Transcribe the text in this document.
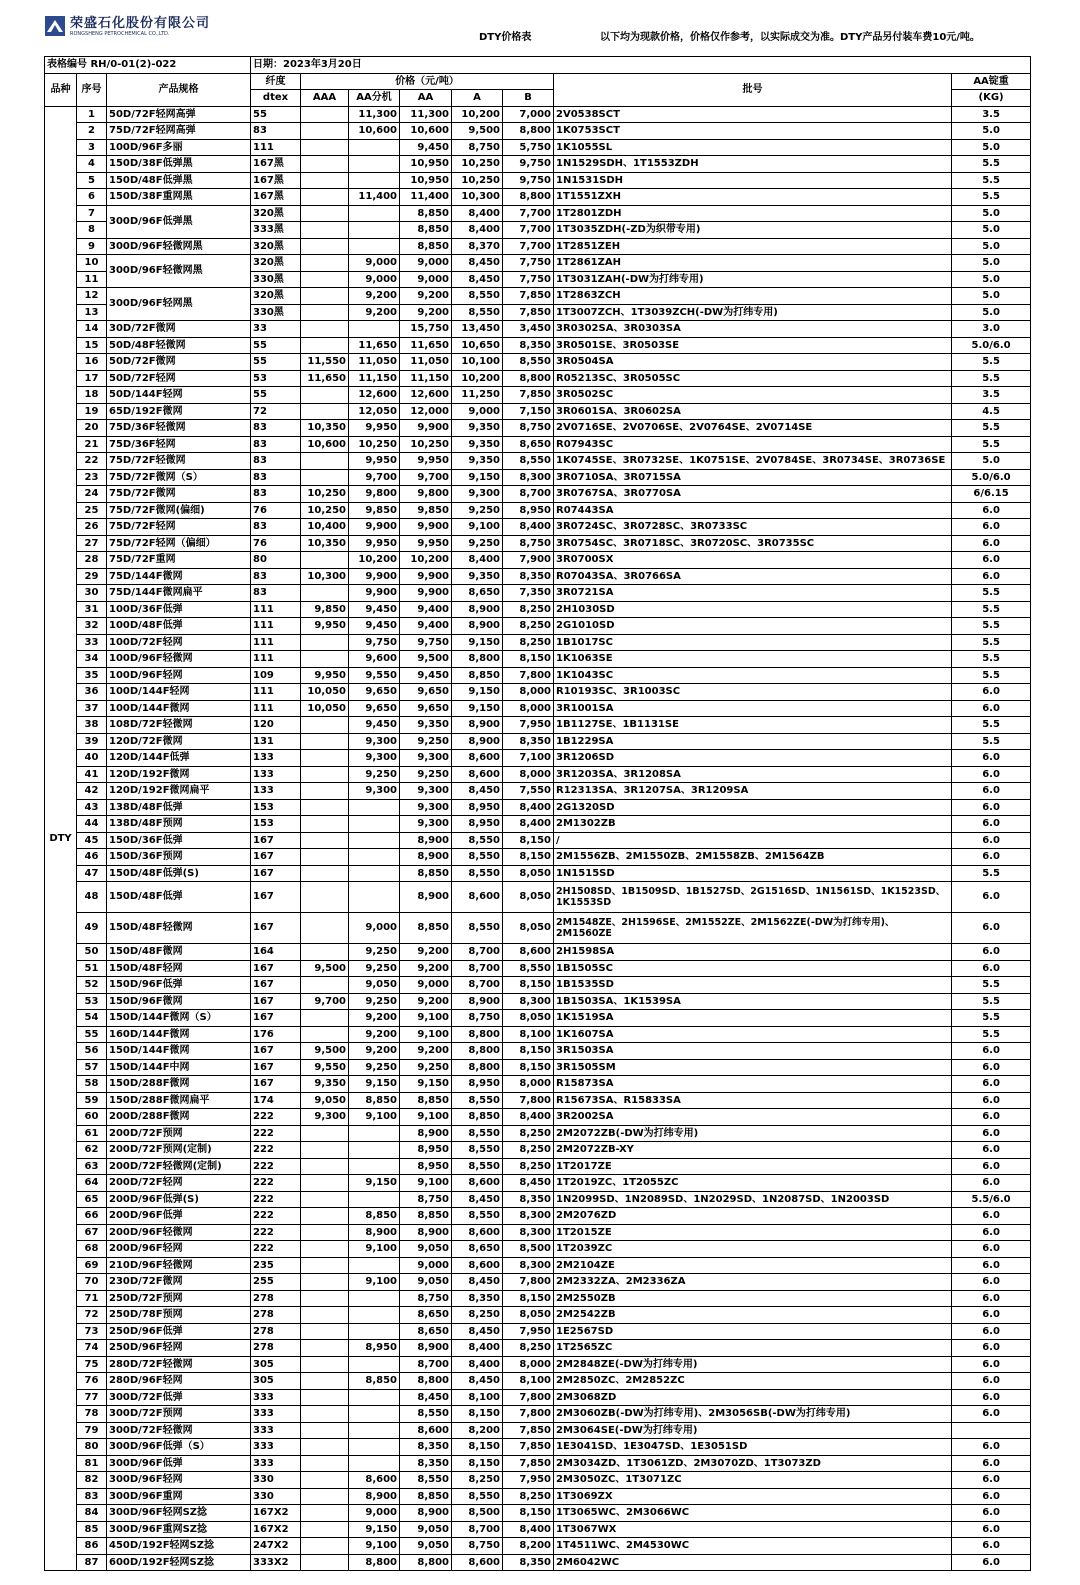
荣盛石化股份有限公司
RONGSHENG PETROCHEMICAL CO.,LTD.	DTY价格表	以下均为现款价格，价格仅作参考，以实际成交为准。DTY产品另付装车费10元/吨。
表格编号 RH/0-01(2)-022			日期：2023年3月20日							
品种	序号	产品规格	纤度	价格（元/吨）					批号	AA锭重
			dtex	AAA	AA分机	AA	A	B		(KG)
DTY	1	50D/72F轻网高弹	55		11,300	11,300	10,200	7,000	2V0538SCT	3.5
	2	75D/72F轻网高弹	83		10,600	10,600	9,500	8,800	1K0753SCT	5.0
	3	100D/96F多丽	111			9,450	8,750	5,750	1K1055SL	5.0
	4	150D/38F低弹黑	167黑			10,950	10,250	9,750	1N1529SDH、1T1553ZDH	5.5
	5	150D/48F低弹黑	167黑			10,950	10,250	9,750	1N1531SDH	5.5
	6	150D/38F重网黑	167黑		11,400	11,400	10,300	8,800	1T1551ZXH	5.5
	7	300D/96F低弹黑	320黑			8,850	8,400	7,700	1T2801ZDH	5.0
	8		333黑			8,850	8,400	7,700	1T3035ZDH(-ZD为织带专用)	5.0
	9	300D/96F轻微网黑	320黑			8,850	8,370	7,700	1T2851ZEH	5.0
	10	300D/96F轻微网黑	320黑		9,000	9,000	8,450	7,750	1T2861ZAH	5.0
	11		330黑		9,000	9,000	8,450	7,750	1T3031ZAH(-DW为打纬专用)	5.0
	12	300D/96F轻网黑	320黑		9,200	9,200	8,550	7,850	1T2863ZCH	5.0
	13		330黑		9,200	9,200	8,550	7,850	1T3007ZCH、1T3039ZCH(-DW为打纬专用)	5.0
	14	30D/72F微网	33			15,750	13,450	3,450	3R0302SA、3R0303SA	3.0
	15	50D/48F轻微网	55		11,650	11,650	10,650	8,350	3R0501SE、3R0503SE	5.0/6.0
	16	50D/72F微网	55	11,550	11,050	11,050	10,100	8,550	3R0504SA	5.5
	17	50D/72F轻网	53	11,650	11,150	11,150	10,200	8,800	R05213SC、3R0505SC	5.5
	18	50D/144F轻网	55		12,600	12,600	11,250	7,850	3R0502SC	3.5
	19	65D/192F微网	72		12,050	12,000	9,000	7,150	3R0601SA、3R0602SA	4.5
	20	75D/36F轻微网	83	10,350	9,950	9,900	9,350	8,750	2V0716SE、2V0706SE、2V0764SE、2V0714SE	5.5
	21	75D/36F轻网	83	10,600	10,250	10,250	9,350	8,650	R07943SC	5.5
	22	75D/72F轻微网	83		9,950	9,950	9,350	8,550	1K0745SE、3R0732SE、1K0751SE、2V0784SE、3R0734SE、3R0736SE	5.0
	23	75D/72F微网（S）	83		9,700	9,700	9,150	8,300	3R0710SA、3R0715SA	5.0/6.0
	24	75D/72F微网	83	10,250	9,800	9,800	9,300	8,700	3R0767SA、3R0770SA	6/6.15
	25	75D/72F微网(偏细)	76	10,250	9,850	9,850	9,250	8,950	R07443SA	6.0
	26	75D/72F轻网	83	10,400	9,900	9,900	9,100	8,400	3R0724SC、3R0728SC、3R0733SC	6.0
	27	75D/72F轻网（偏细）	76	10,350	9,950	9,950	9,250	8,750	3R0754SC、3R0718SC、3R0720SC、3R0735SC	6.0
	28	75D/72F重网	80		10,200	10,200	8,400	7,900	3R0700SX	6.0
	29	75D/144F微网	83	10,300	9,900	9,900	9,350	8,350	R07043SA、3R0766SA	6.0
	30	75D/144F微网扁平	83		9,900	9,900	8,650	7,350	3R0721SA	5.5
	31	100D/36F低弹	111	9,850	9,450	9,400	8,900	8,250	2H1030SD	5.5
	32	100D/48F低弹	111	9,950	9,450	9,400	8,900	8,250	2G1010SD	5.5
	33	100D/72F轻网	111		9,750	9,750	9,150	8,250	1B1017SC	5.5
	34	100D/96F轻微网	111		9,600	9,500	8,800	8,150	1K1063SE	5.5
	35	100D/96F轻网	109	9,950	9,550	9,450	8,850	7,800	1K1043SC	5.5
	36	100D/144F轻网	111	10,050	9,650	9,650	9,150	8,000	R10193SC、3R1003SC	6.0
	37	100D/144F微网	111	10,050	9,650	9,650	9,150	8,000	3R1001SA	6.0
	38	108D/72F轻微网	120		9,450	9,350	8,900	7,950	1B1127SE、1B1131SE	5.5
	39	120D/72F微网	131		9,300	9,250	8,900	8,350	1B1229SA	5.5
	40	120D/144F低弹	133		9,300	9,300	8,600	7,100	3R1206SD	6.0
	41	120D/192F微网	133		9,250	9,250	8,600	8,000	3R1203SA、3R1208SA	6.0
	42	120D/192F微网扁平	133		9,300	9,300	8,450	7,550	R12313SA、3R1207SA、3R1209SA	6.0
	43	138D/48F低弹	153			9,300	8,950	8,400	2G1320SD	6.0
	44	138D/48F预网	153			9,300	8,950	8,400	2M1302ZB	6.0
	45	150D/36F低弹	167			8,900	8,550	8,150	/	6.0
	46	150D/36F预网	167			8,900	8,550	8,150	2M1556ZB、2M1550ZB、2M1558ZB、2M1564ZB	6.0
	47	150D/48F低弹(S)	167			8,850	8,550	8,050	1N1515SD	5.5
	48	150D/48F低弹	167			8,900	8,600	8,050	2H1508SD、1B1509SD、1B1527SD、2G1516SD、1N1561SD、1K1523SD、1K1553SD	6.0
	49	150D/48F轻微网	167		9,000	8,850	8,550	8,050	2M1548ZE、2H1596SE、2M1552ZE、2M1562ZE(-DW为打纬专用)、2M1560ZE	6.0
	50	150D/48F微网	164		9,250	9,200	8,700	8,600	2H1598SA	6.0
	51	150D/48F轻网	167	9,500	9,250	9,200	8,700	8,550	1B1505SC	6.0
	52	150D/96F低弹	167		9,050	9,000	8,700	8,150	1B1535SD	5.5
	53	150D/96F微网	167	9,700	9,250	9,200	8,900	8,300	1B1503SA、1K1539SA	5.5
	54	150D/144F微网（S）	167		9,200	9,100	8,750	8,050	1K1519SA	5.5
	55	160D/144F微网	176		9,200	9,100	8,800	8,100	1K1607SA	5.5
	56	150D/144F微网	167	9,500	9,200	9,200	8,800	8,150	3R1503SA	6.0
	57	150D/144F中网	167	9,550	9,250	9,250	8,800	8,150	3R1505SM	6.0
	58	150D/288F微网	167	9,350	9,150	9,150	8,950	8,000	R15873SA	6.0
	59	150D/288F微网扁平	174	9,050	8,850	8,850	8,550	7,800	R15673SA、R15833SA	6.0
	60	200D/288F微网	222	9,300	9,100	9,100	8,850	8,400	3R2002SA	6.0
	61	200D/72F预网	222			8,900	8,550	8,250	2M2072ZB(-DW为打纬专用)	6.0
	62	200D/72F预网(定制)	222			8,950	8,550	8,250	2M2072ZB-XY	6.0
	63	200D/72F轻微网(定制)	222			8,950	8,550	8,250	1T2017ZE	6.0
	64	200D/72F轻网	222		9,150	9,100	8,600	8,450	1T2019ZC、1T2055ZC	6.0
	65	200D/96F低弹(S)	222			8,750	8,450	8,350	1N2099SD、1N2089SD、1N2029SD、1N2087SD、1N2003SD	5.5/6.0
	66	200D/96F低弹	222		8,850	8,850	8,550	8,300	2M2076ZD	6.0
	67	200D/96F轻微网	222		8,900	8,900	8,600	8,300	1T2015ZE	6.0
	68	200D/96F轻网	222		9,100	9,050	8,650	8,500	1T2039ZC	6.0
	69	210D/96F轻微网	235			9,000	8,600	8,300	2M2104ZE	6.0
	70	230D/72F微网	255		9,100	9,050	8,450	7,800	2M2332ZA、2M2336ZA	6.0
	71	250D/72F预网	278			8,750	8,350	8,150	2M2550ZB	6.0
	72	250D/78F预网	278			8,650	8,250	8,050	2M2542ZB	6.0
	73	250D/96F低弹	278			8,650	8,450	7,950	1E2567SD	6.0
	74	250D/96F轻网	278		8,950	8,900	8,400	8,250	1T2565ZC	6.0
	75	280D/72F轻微网	305			8,700	8,400	8,000	2M2848ZE(-DW为打纬专用)	6.0
	76	280D/96F轻网	305		8,850	8,800	8,450	8,100	2M2850ZC、2M2852ZC	6.0
	77	300D/72F低弹	333			8,450	8,100	7,800	2M3068ZD	6.0
	78	300D/72F预网	333			8,550	8,150	7,800	2M3060ZB(-DW为打纬专用)、2M3056SB(-DW为打纬专用)	6.0
	79	300D/72F轻微网	333			8,600	8,200	7,850	2M3064SE(-DW为打纬专用)	
	80	300D/96F低弹（S）	333			8,350	8,150	7,850	1E3041SD、1E3047SD、1E3051SD	6.0
	81	300D/96F低弹	333			8,350	8,150	7,850	2M3034ZD、1T3061ZD、2M3070ZD、1T3073ZD	6.0
	82	300D/96F轻网	330		8,600	8,550	8,250	7,950	2M3050ZC、1T3071ZC	6.0
	83	300D/96F重网	330		8,900	8,850	8,550	8,250	1T3069ZX	6.0
	84	300D/96F轻网SZ捻	167X2		9,000	8,900	8,500	8,150	1T3065WC、2M3066WC	6.0
	85	300D/96F重网SZ捻	167X2		9,150	9,050	8,700	8,400	1T3067WX	6.0
	86	450D/192F轻网SZ捻	247X2		9,100	9,050	8,750	8,200	1T4511WC、2M4530WC	6.0
	87	600D/192F轻网SZ捻	333X2		8,800	8,800	8,600	8,350	2M6042WC	6.0
